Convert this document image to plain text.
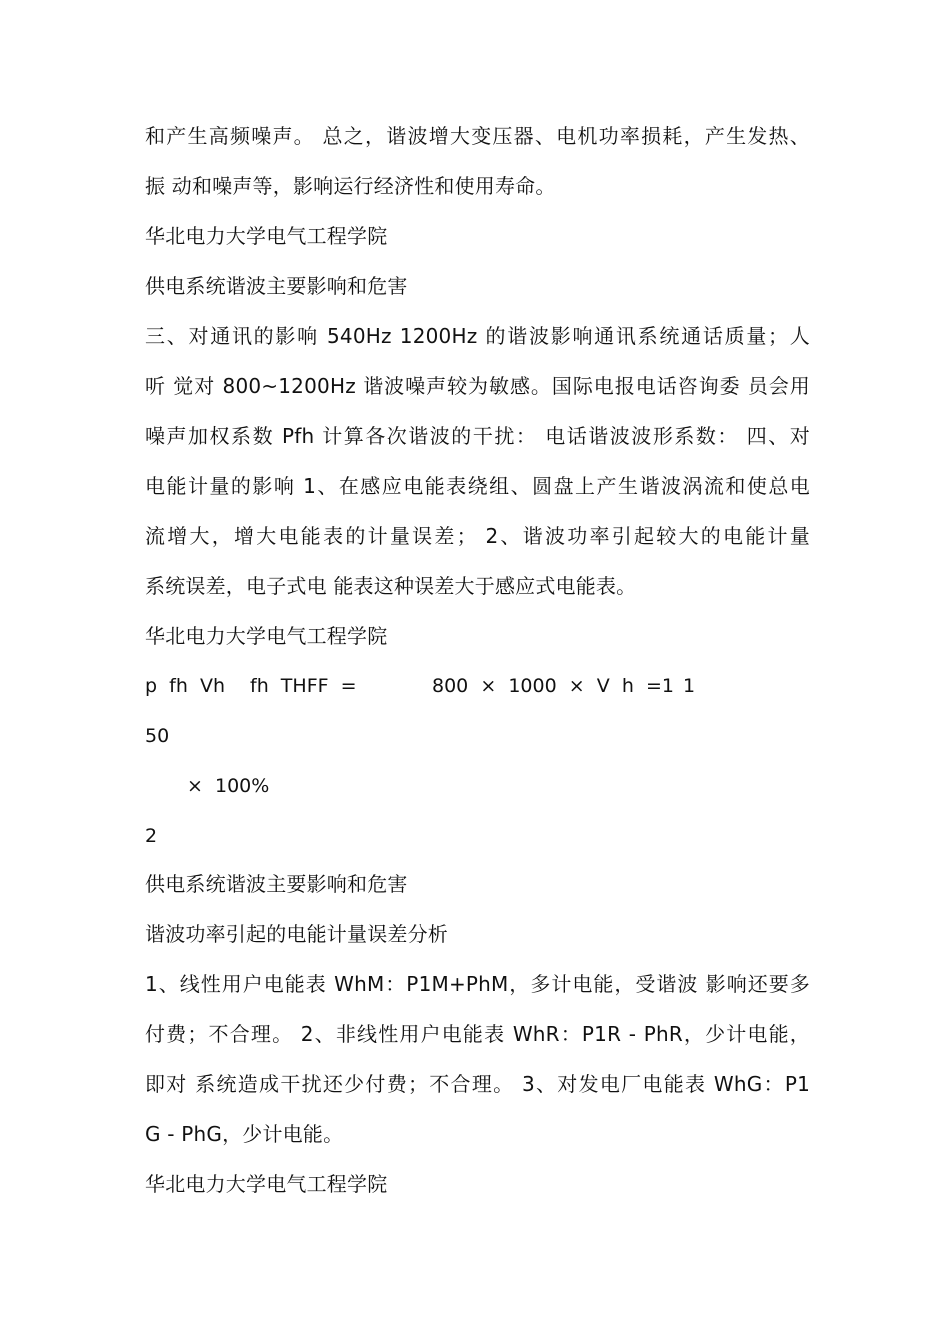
和产生高频噪声。 总之，谐波增大变压器、电机功率损耗，产生发热、
振 动和噪声等，影响运行经济性和使用寿命。
华北电力大学电气工程学院
供电系统谐波主要影响和危害
三、对通讯的影响 540Hz 1200Hz 的谐波影响通讯系统通话质量；人
听 觉对 800~1200Hz 谐波噪声较为敏感。国际电报电话咨询委 员会用
噪声加权系数 Pfh 计算各次谐波的干扰： 电话谐波波形系数： 四、对
电能计量的影响 1、在感应电能表绕组、圆盘上产生谐波涡流和使总电
流增大，增大电能表的计量误差； 2、谐波功率引起较大的电能计量
系统误差，电子式电 能表这种误差大于感应式电能表。
华北电力大学电气工程学院
p  fh  Vh fh  THFF  =	800  ×  1000  ×  V  h  =1 1
50
×  100%
2
供电系统谐波主要影响和危害
谐波功率引起的电能计量误差分析
1、线性用户电能表 WhM：P1M+PhM，多计电能，受谐波 影响还要多
付费；不合理。 2、非线性用户电能表 WhR：P1R - PhR，少计电能，
即对 系统造成干扰还少付费；不合理。 3、对发电厂电能表 WhG：P1
G - PhG，少计电能。
华北电力大学电气工程学院
